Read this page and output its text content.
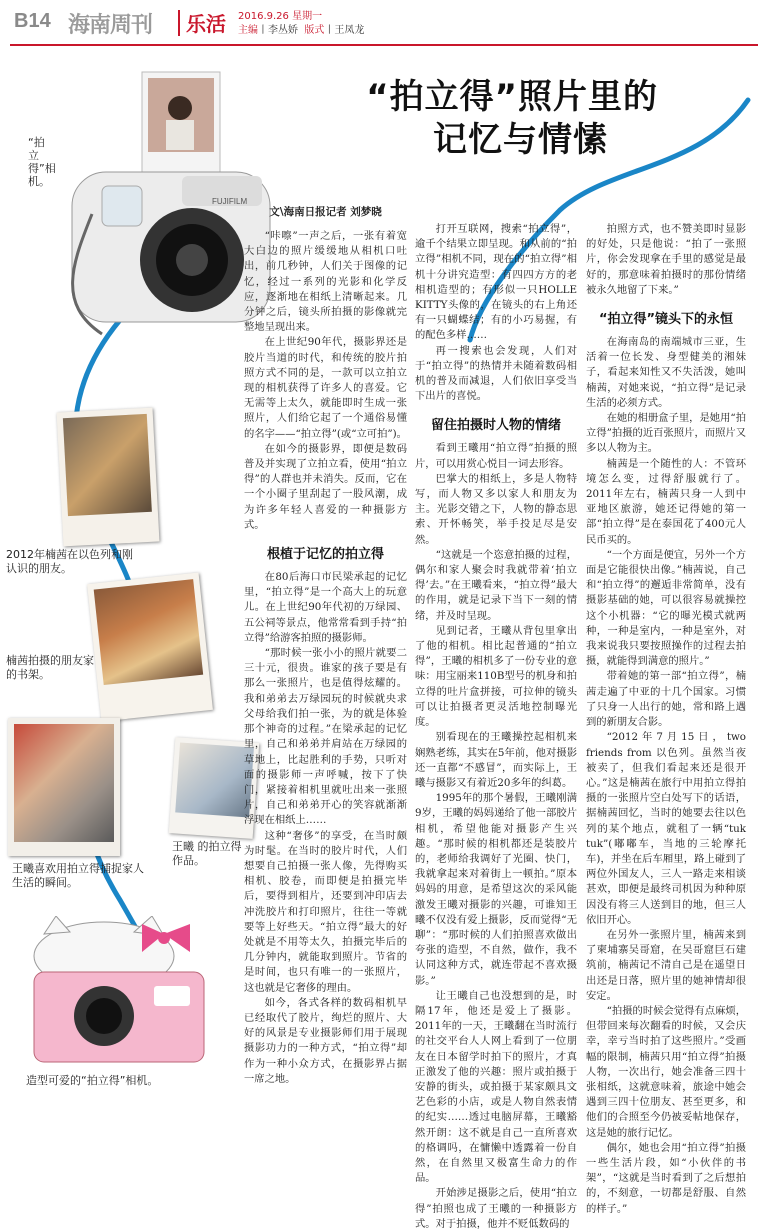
B14 海南周刊 乐活 2016.9.26 星期一
主编丨李丛娇 版式丨王凤龙
“拍立得”照片里的
记忆与情愫
FUJIFILM
“拍立得”相机。
2012年楠茜在以色列和刚认识的朋友。
楠茜拍摄的朋友家的书架。
王曦 的拍立得作品。
王曦喜欢用拍立得捕捉家人生活的瞬间。
造型可爱的“拍立得”相机。

文\海南日报记者 刘梦晓

“咔嚓”一声之后，一张有着宽大白边的照片缓缓地从相机口吐出，前几秒钟，人们关于图像的记忆，经过一系列的光影和化学反应，逐渐地在相纸上清晰起来。几分钟之后，镜头所拍摄的影像就完整地呈现出来。

在上世纪90年代，摄影界还是胶片当道的时代，和传统的胶片拍照方式不同的是，一款可以立拍立现的相机获得了许多人的喜爱。它无需等上太久，就能即时生成一张照片，人们给它起了一个通俗易懂的名字——“拍立得”(或“立可拍”)。

在如今的摄影界，即便是数码普及并实现了立拍立看，使用“拍立得”的人群也并未消失。反而，它在一个小圈子里刮起了一股风潮，成为许多年轻人喜爱的一种摄影方式。

根植于记忆的拍立得

在80后海口市民梁承起的记忆里，“拍立得”是一个高大上的玩意儿。在上世纪90年代初的万绿园、五公祠等景点，他常常看到手持“拍立得”给游客拍照的摄影师。

“那时候一张小小的照片就要二三十元，很贵。谁家的孩子要是有那么一张照片，也是值得炫耀的。我和弟弟去万绿园玩的时候就央求父母给我们拍一张，为的就是体验那个神奇的过程。”在梁承起的记忆里，自己和弟弟并肩站在万绿园的草地上，比起胜利的手势，只听对面的摄影师一声呼喊，按下了快门，紧接着相机里就吐出来一张照片，自己和弟弟开心的笑容就渐渐浮现在相纸上……

这种“奢侈”的享受，在当时颇为时髦。在当时的胶片时代，人们想要自己拍摄一张人像，先得购买相机、胶卷，而即便是拍摄完毕后，要得到相片，还要到冲印店去冲洗胶片和打印照片，往往一等就要等上好些天。“拍立得”最大的好处就是不用等太久，拍摄完毕后的几分钟内，就能取到照片。节省的是时间，也只有唯一的一张照片，这也就是它奢侈的理由。

如今，各式各样的数码相机早已经取代了胶片，绚烂的照片、大好的风景是专业摄影师们用于展现摄影功力的一种方式，“拍立得”却作为一种小众方式，在摄影界占据一席之地。

打开互联网，搜索“拍立得”，逾千个结果立即呈现。和从前的“拍立得”相机不同，现在的“拍立得”相机十分讲究造型：有四四方方的老相机造型的；有形似一只HOLLE KITTY头像的，在镜头的右上角还有一只蝴蝶结；有的小巧易握，有的配色多样……

再一搜索也会发现，人们对于“拍立得”的热情并未随着数码相机的普及而减退，人们依旧享受当下出片的喜悦。

留住拍摄时人物的情绪

看到王曦用“拍立得”拍摄的照片，可以用赏心悦目一词去形容。

巴掌大的相纸上，多是人物特写，而人物又多以家人和朋友为主。光影交错之下，人物的静态思索、开怀畅笑，举手投足尽是安然。

“这就是一个恣意拍摄的过程，偶尔和家人聚会时我就带着‘拍立得’去。”在王曦看来，“拍立得”最大的作用，就是记录下当下一刻的情绪，并及时呈现。

见到记者，王曦从背包里拿出了他的相机。相比起普通的“拍立得”，王曦的相机多了一份专业的意味：用宝丽来110B型号的机身和拍立得的吐片盒拼接，可拉伸的镜头可以让拍摄者更灵活地控制曝光度。

别看现在的王曦操控起相机来娴熟老练，其实在5年前，他对摄影还一直都“不感冒”，而实际上，王曦与摄影又有着近20多年的纠葛。

1995年的那个暑假，王曦刚满9岁，王曦的妈妈递给了他一部胶片相机，希望他能对摄影产生兴趣。“那时候的相机都还是装胶片的，老师给我调好了光圈、快门，我就拿起来对着街上一顿拍。”原本妈妈的用意，是希望这次的采风能激发王曦对摄影的兴趣，可谁知王曦不仅没有爱上摄影，反而觉得“无聊”：“那时候的人们拍照喜欢做出夸张的造型，不自然，做作，我不认同这种方式，就连带起不喜欢摄影。”

让王曦自己也没想到的是，时隔17年，他还是爱上了摄影。2011年的一天，王曦翻在当时流行的社交平台人人网上看到了一位朋友在日本留学时拍下的照片，才真正激发了他的兴趣：照片或拍摄于安静的街头，或拍摄于某家颇具文艺色彩的小店，或是人物自然表情的纪实……透过电脑屏幕，王曦豁然开朗：这不就是自己一直所喜欢的格调吗，在慵懒中透露着一份自然，在自然里又极富生命力的作品。

开始涉足摄影之后，使用“拍立得”拍照也成了王曦的一种摄影方式。对于拍摄，他并不贬低数码的

拍照方式，也不赞美即时显影的好处，只是他说：“拍了一张照片，你会发现拿在手里的感觉是最好的，那意味着拍摄时的那份情绪被永久地留了下来。”

“拍立得”镜头下的永恒

在海南岛的南端城市三亚，生活着一位长发、身型健美的湘妹子，看起来知性又不失活泼，她叫楠茜，对她来说，“拍立得”是记录生活的必须方式。

在她的相册盒子里，是她用“拍立得”拍摄的近百张照片，而照片又多以人物为主。

楠茜是一个随性的人：不管环境怎么变，过得舒服就行了。2011年左右，楠茜只身一人到中亚地区旅游，她还记得她的第一部“拍立得”是在泰国花了400元人民币买的。

“一个方面是便宜，另外一个方面是它能很快出像。”楠茜说，自己和“拍立得”的邂逅非常简单，没有摄影基础的她，可以很容易就操控这个小机器：“它的曝光模式就两种，一种是室内，一种是室外，对我来说我只要按照操作的过程去拍摄，就能得到满意的照片。”

带着她的第一部“拍立得”，楠茜走遍了中亚的十几个国家。习惯了只身一人出行的她，常和路上遇到的新朋友合影。

“2012年7月15日，two friends from 以色列。虽然当夜被卖了，但我们看起来还是很开心。”这是楠茜在旅行中用拍立得拍摄的一张照片空白处写下的话语，据楠茜回忆，当时的她要去往以色列的某个地点，就租了一辆“tuk tuk”(嘟嘟车，当地的三轮摩托车)，并坐在后车厢里，路上碰到了两位外国友人，三人一路走来相谈甚欢，即便是最终司机因为种种原因没有将三人送到目的地，但三人依旧开心。

在另外一张照片里，楠茜来到了柬埔寨吴哥窟，在吴哥窟巨石建筑前，楠茜记不清自己是在遥望日出还是日落，照片里的她神情却很安定。

“拍摄的时候会觉得有点麻烦，但带回来每次翻看的时候，又会庆幸，幸亏当时拍了这些照片。”受画幅的限制，楠茜只用“拍立得”拍摄人物，一次出行，她会准备三四十张相纸，这就意味着，旅途中她会遇到三四十位朋友、甚至更多，和他们的合照至今仍被妥帖地保存，这是她的旅行记忆。

偶尔，她也会用“拍立得”拍摄一些生活片段，如“小伙伴的书架”，“这就是当时看到了之后想拍的，不刻意，一切都是舒服、自然的样子。”
